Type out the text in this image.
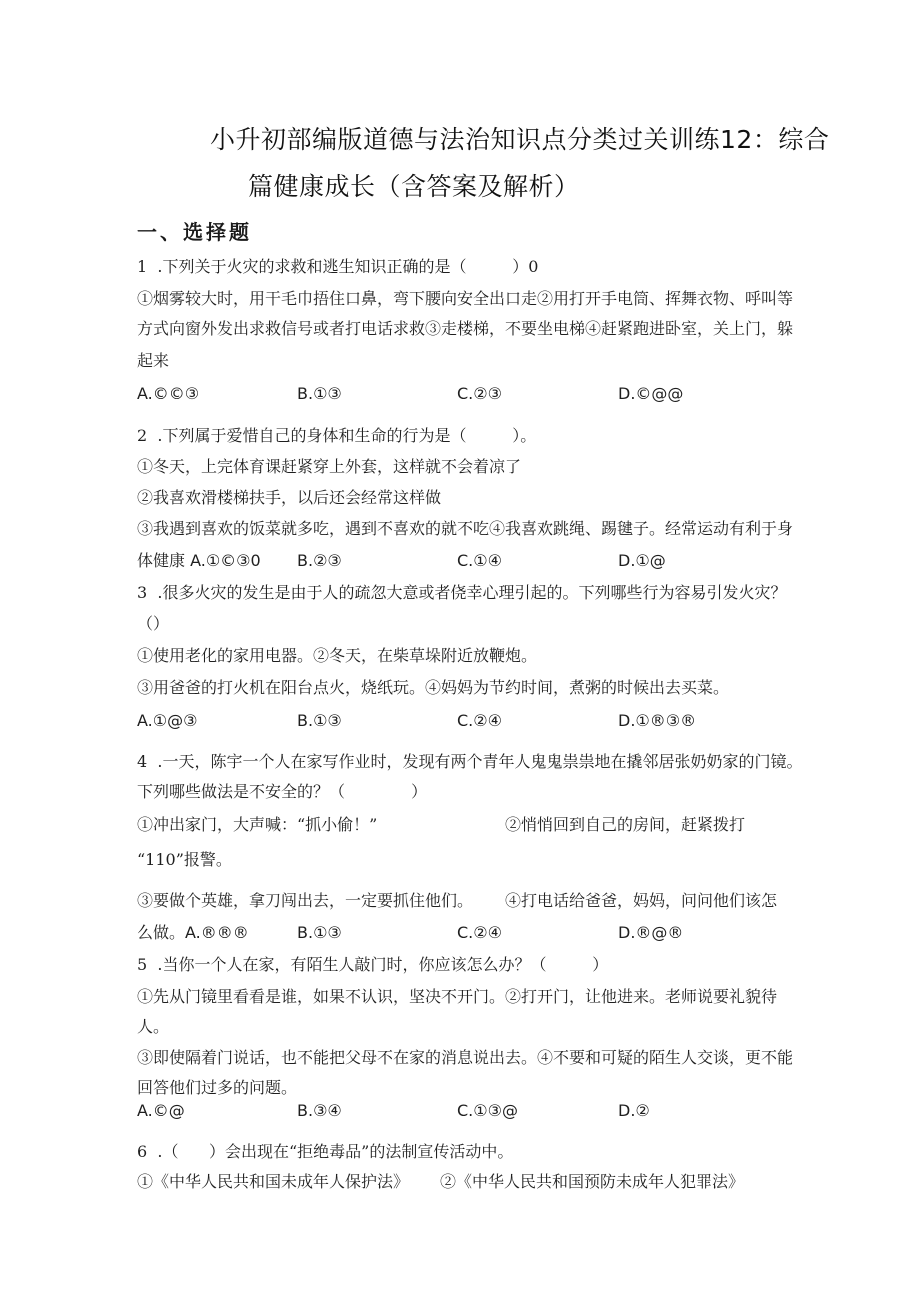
小升初部编版道德与法治知识点分类过关训练12：综合
篇健康成长（含答案及解析）
一、选择题
1  .下列关于火灾的求救和逃生知识正确的是（         ）0
①烟雾较大时，用干毛巾捂住口鼻，弯下腰向安全出口走②用打开手电筒、挥舞衣物、呼叫等
方式向窗外发出求救信号或者打电话求救③走楼梯，不要坐电梯④赶紧跑进卧室，关上门，躲
起来
A.©©③	B.①③	C.②③	D.©@@
2  .下列属于爱惜自己的身体和生命的行为是（         ）。
①冬天，上完体育课赶紧穿上外套，这样就不会着凉了
②我喜欢滑楼梯扶手，以后还会经常这样做
③我遇到喜欢的饭菜就多吃，遇到不喜欢的就不吃④我喜欢跳绳、踢毽子。经常运动有利于身
体健康 A.①©③0 B.②③	C.①④	D.①@
3  .很多火灾的发生是由于人的疏忽大意或者侥幸心理引起的。下列哪些行为容易引发火灾？
（）
①使用老化的家用电器。②冬天，在柴草垛附近放鞭炮。
③用爸爸的打火机在阳台点火，烧纸玩。④妈妈为节约时间，煮粥的时候出去买菜。
A.①@③	B.①③	C.②④	D.①®③®
4  .一天，陈宇一个人在家写作业时，发现有两个青年人鬼鬼祟祟地在撬邻居张奶奶家的门镜。
下列哪些做法是不安全的？（             ）
①冲出家门，大声喊：“抓小偷！”	②悄悄回到自己的房间，赶紧拨打
“110”报警。
③要做个英雄，拿刀闯出去，一定要抓住他们。 ④打电话给爸爸，妈妈，问问他们该怎
么做。A.®®®	B.①③	C.②④	D.®@®
5  .当你一个人在家，有陌生人敲门时，你应该怎么办？（         ）
①先从门镜里看看是谁，如果不认识，坚决不开门。②打开门，让他进来。老师说要礼貌待
人。
③即使隔着门说话，也不能把父母不在家的消息说出去。④不要和可疑的陌生人交谈，更不能
回答他们过多的问题。
A.©@	B.③④	C.①③@	D.②
6  .（      ）会出现在“拒绝毒品”的法制宣传活动中。
①《中华人民共和国未成年人保护法》 ②《中华人民共和国预防未成年人犯罪法》
